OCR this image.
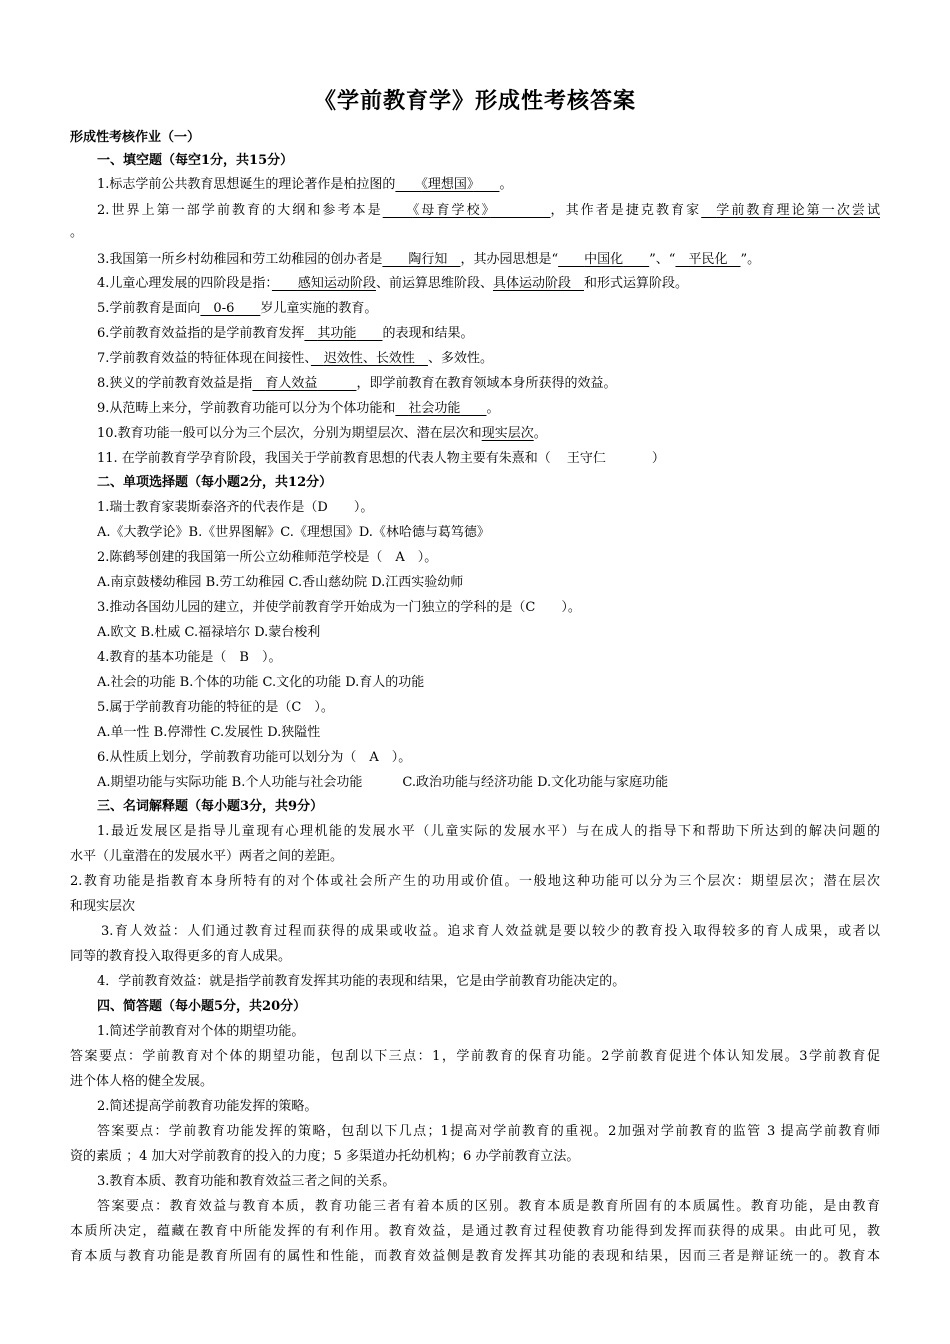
《学前教育学》形成性考核答案
形成性考核作业（一）
一、填空题（每空1分，共15分）
1.标志学前公共教育思想诞生的理论著作是柏拉图的　　 《理想国》　　 。
2.世界上第一部学前教育的大纲和参考本是　　 《母育学校》　　　　	，其作者是捷克教育家　 学前教育理论第一次尝试
。
3.我国第一所乡村幼稚园和劳工幼稚园的创办者是　　 陶行知　 ，其办园思想是“　　 中国化　　 ”、“　 平民化　 ”。
4.儿童心理发展的四阶段是指：　　 感知运动阶段、前运算思维阶段、具体运动阶段　 和形式运算阶段。
5.学前教育是面向　 0-6　　 岁儿童实施的教育。
6.学前教育效益指的是学前教育发挥　 其功能　　 的表现和结果。
7.学前教育效益的特征体现在间接性、　 迟效性、长效性　 、多效性。
8.狭义的学前教育效益是指　 育人效益　　　	，即学前教育在教育领域本身所获得的效益。
9.从范畴上来分，学前教育功能可以分为个体功能和　 社会功能　　 。
10.教育功能一般可以分为三个层次，分别为期望层次、潜在层次和现实层次。
11. 在学前教育学孕育阶段，我国关于学前教育思想的代表人物主要有朱熹和（ 王守仁	）
二、单项选择题（每小题2分，共12分）
1.瑞士教育家裴斯泰洛齐的代表作是（D　　）。
A.《大教学论》B.《世界图解》C.《理想国》D.《林哈德与葛笃德》
2.陈鹤琴创建的我国第一所公立幼稚师范学校是（　A　）。
A.南京鼓楼幼稚园 B.劳工幼稚园 C.香山慈幼院 D.江西实验幼师
3.推动各国幼儿园的建立，并使学前教育学开始成为一门独立的学科的是（C　　）。
A.欧文 B.杜威 C.福禄培尔 D.蒙台梭利
4.教育的基本功能是（　B　）。
A.社会的功能 B.个体的功能 C.文化的功能 D.育人的功能
5.属于学前教育功能的特征的是（C　）。
A.单一性 B.停滞性 C.发展性 D.狭隘性
6.从性质上划分，学前教育功能可以划分为（　A　）。
A.期望功能与实际功能 B.个人功能与社会功能	C.政治功能与经济功能 D.文化功能与家庭功能
三、名词解释题（每小题3分，共9分）
1.最近发展区是指导儿童现有心理机能的发展水平（儿童实际的发展水平）与在成人的指导下和帮助下所达到的解决问题的
水平（儿童潜在的发展水平）两者之间的差距。
2.教育功能是指教育本身所特有的对个体或社会所产生的功用或价值。一般地这种功能可以分为三个层次：期望层次；潜在层次
和现实层次
3.育人效益：人们通过教育过程而获得的成果或收益。追求育人效益就是要以较少的教育投入取得较多的育人成果，或者以
同等的教育投入取得更多的育人成果。
4．学前教育效益：就是指学前教育发挥其功能的表现和结果，它是由学前教育功能决定的。
四、简答题（每小题5分，共20分）
1.简述学前教育对个体的期望功能。
答案要点：学前教育对个体的期望功能，包刮以下三点：1，学前教育的保育功能。2学前教育促进个体认知发展。3学前教育促
进个体人格的健全发展。
2.简述提高学前教育功能发挥的策略。
答案要点：学前教育功能发挥的策略，包刮以下几点；1提高对学前教育的重视。2加强对学前教育的监管 3 提高学前教育师
资的素质 ；4 加大对学前教育的投入的力度；5 多渠道办托幼机构；6 办学前教育立法。
3.教育本质、教育功能和教育效益三者之间的关系。
答案要点：教育效益与教育本质，教育功能三者有着本质的区别。教育本质是教育所固有的本质属性。教育功能，是由教育
本质所决定，蕴藏在教育中所能发挥的有利作用。教育效益，是通过教育过程使教育功能得到发挥而获得的成果。由此可见，教
育本质与教育功能是教育所固有的属性和性能，而教育效益侧是教育发挥其功能的表现和结果，因而三者是辩证统一的。教育本
